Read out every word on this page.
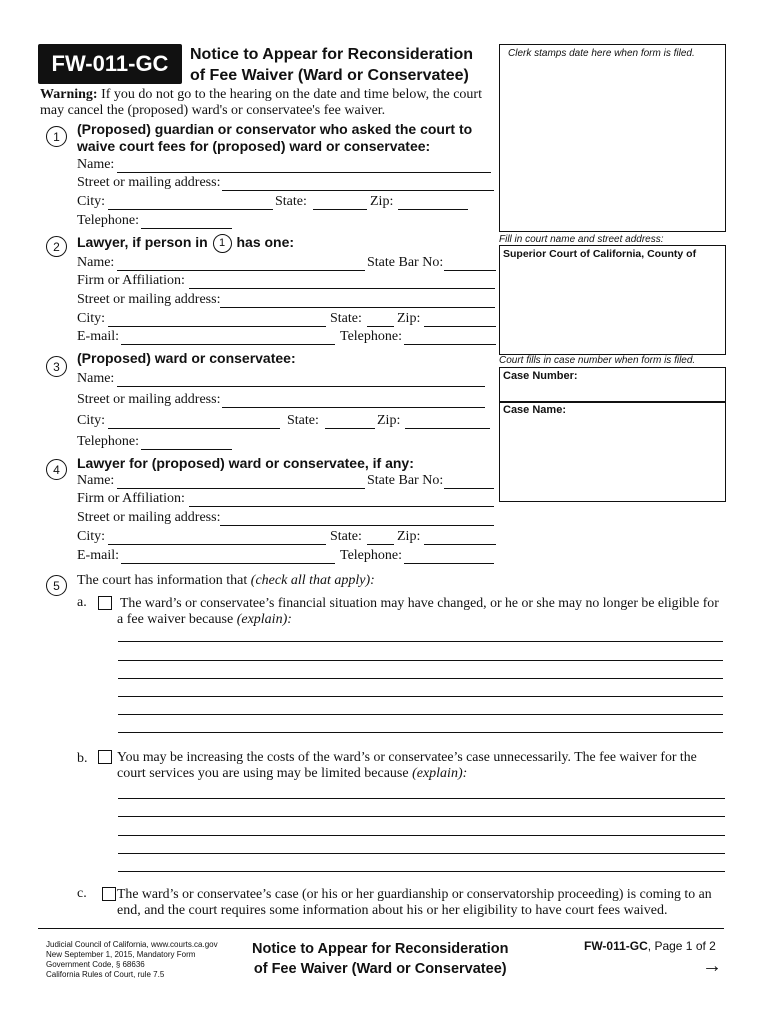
FW-011-GC	Notice to Appear for Reconsideration
of Fee Waiver (Ward or Conservatee)
Clerk stamps date here when form is filed.
Fill in court name and street address:
Superior Court of California, County of
Court fills in case number when form is filed.
Case Number:
Case Name:
Warning: If you do not go to the hearing on the date and time below, the court may cancel the (proposed) ward's or conservatee's fee waiver.
1	(Proposed) guardian or conservator who asked the court to
waive court fees for (proposed) ward or conservatee:
Name:
Street or mailing address:
City:	State:	Zip:
Telephone:
2	Lawyer, if person in 1 has one:
Name:	State Bar No:
Firm or Affiliation:
Street or mailing address:
City:	State:	Zip:
E-mail:	Telephone:
3
(Proposed) ward or conservatee:
Name:
Street or mailing address:
City:	State:	Zip:
Telephone:
4	Lawyer for (proposed) ward or conservatee, if any:
Name:	State Bar No:
Firm or Affiliation:
Street or mailing address:
City:	State:	Zip:
E-mail:	Telephone:
5	The court has information that (check all that apply):
a. The ward’s or conservatee’s financial situation may have changed, or he or she may no longer be eligible for
a fee waiver because (explain):
b. You may be increasing the costs of the ward’s or conservatee’s case unnecessarily. The fee waiver for the
court services you are using may be limited because (explain):
c. The ward’s or conservatee’s case (or his or her guardianship or conservatorship proceeding) is coming to an
end, and the court requires some information about his or her eligibility to have court fees waived.
Judicial Council of California, www.courts.ca.gov
New September 1, 2015, Mandatory Form
Government Code, § 68636
California Rules of Court, rule 7.5
Notice to Appear for Reconsideration
of Fee Waiver (Ward or Conservatee)
FW-011-GC, Page 1 of 2
→
